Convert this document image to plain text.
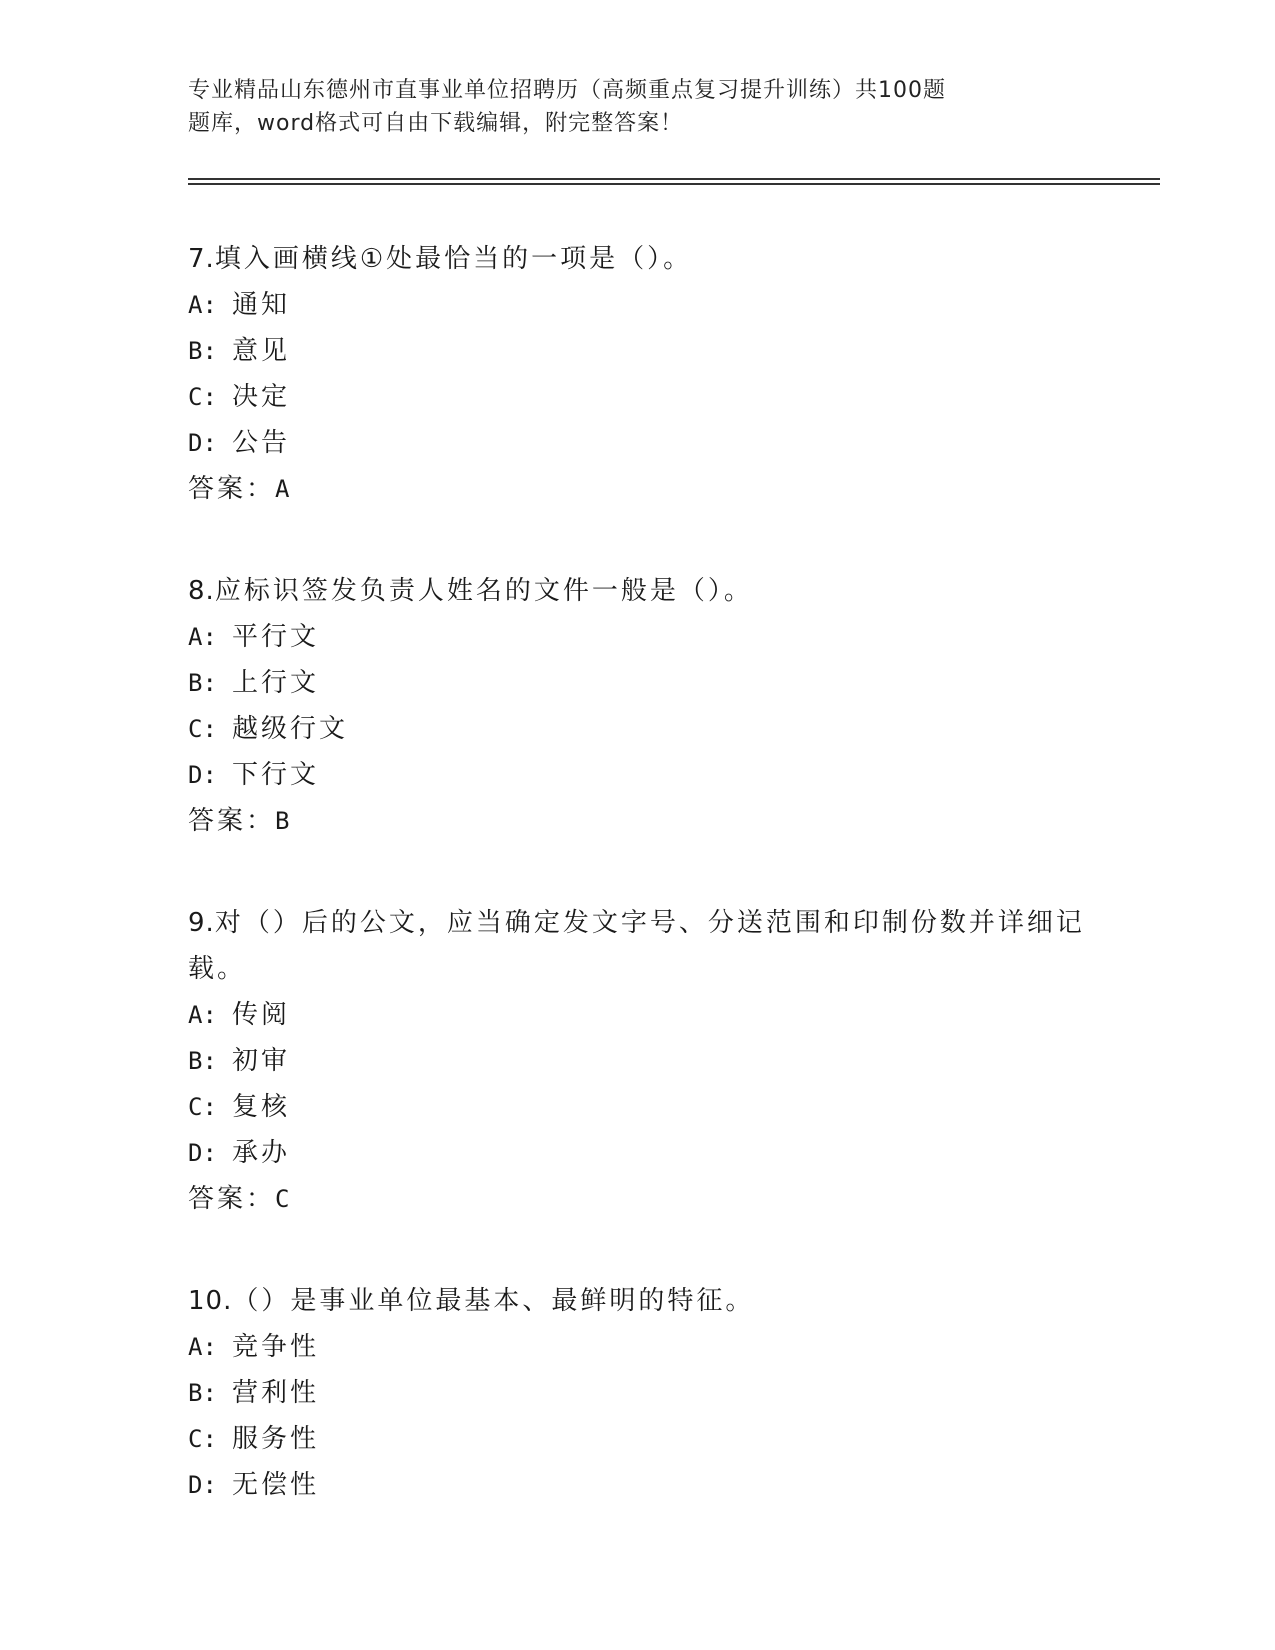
专业精品山东德州市直事业单位招聘历（高频重点复习提升训练）共100题
题库，word格式可自由下载编辑，附完整答案！
7.填入画横线①处最恰当的一项是（）。
A: 通知
B: 意见
C: 决定
D: 公告
答案：A
8.应标识签发负责人姓名的文件一般是（）。
A: 平行文
B: 上行文
C: 越级行文
D: 下行文
答案：B
9.对（）后的公文，应当确定发文字号、分送范围和印制份数并详细记载。
A: 传阅
B: 初审
C: 复核
D: 承办
答案：C
10.（）是事业单位最基本、最鲜明的特征。
A: 竞争性
B: 营利性
C: 服务性
D: 无偿性
